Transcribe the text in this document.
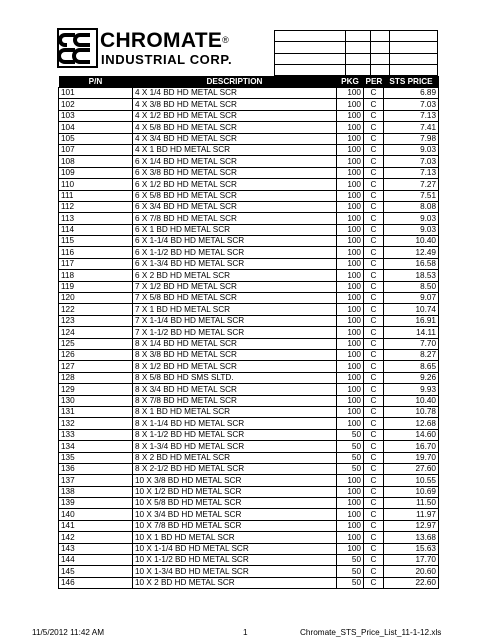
CHROMATE®
INDUSTRIAL CORP.
P/N	DESCRIPTION	PKG	PER	STS PRICE
101	4 X 1/4 BD HD METAL SCR	100	C	6.89
102	4 X 3/8 BD HD METAL SCR	100	C	7.03
103	4 X 1/2 BD HD METAL SCR	100	C	7.13
104	4 X 5/8 BD HD METAL SCR	100	C	7.41
105	4 X 3/4 BD HD METAL SCR	100	C	7.98
107	4 X 1 BD HD METAL SCR	100	C	9.03
108	6 X 1/4 BD HD METAL SCR	100	C	7.03
109	6 X 3/8 BD HD METAL SCR	100	C	7.13
110	6 X 1/2 BD HD METAL SCR	100	C	7.27
111	6 X 5/8 BD HD METAL SCR	100	C	7.51
112	6 X 3/4 BD HD METAL SCR	100	C	8.08
113	6 X 7/8 BD HD METAL SCR	100	C	9.03
114	6 X 1 BD HD METAL SCR	100	C	9.03
115	6 X 1-1/4 BD HD METAL SCR	100	C	10.40
116	6 X 1-1/2 BD HD METAL SCR	100	C	12.49
117	6 X 1-3/4 BD HD METAL SCR	100	C	16.58
118	6 X 2 BD HD METAL SCR	100	C	18.53
119	7 X 1/2 BD HD METAL SCR	100	C	8.50
120	7 X 5/8 BD HD METAL SCR	100	C	9.07
122	7 X 1 BD HD METAL SCR	100	C	10.74
123	7 X 1-1/4 BD HD METAL SCR	100	C	16.91
124	7 X 1-1/2 BD HD METAL SCR	100	C	14.11
125	8 X 1/4 BD HD METAL SCR	100	C	7.70
126	8 X 3/8 BD HD METAL SCR	100	C	8.27
127	8 X 1/2 BD HD METAL SCR	100	C	8.65
128	8 X 5/8 BD HD SMS SLTD.	100	C	9.26
129	8 X 3/4 BD HD METAL SCR	100	C	9.93
130	8 X 7/8 BD HD METAL SCR	100	C	10.40
131	8 X 1 BD HD METAL SCR	100	C	10.78
132	8 X 1-1/4 BD HD METAL SCR	100	C	12.68
133	8 X 1-1/2 BD HD METAL SCR	50	C	14.60
134	8 X 1-3/4 BD HD METAL SCR	50	C	16.70
135	8 X 2 BD HD METAL SCR	50	C	19.70
136	8 X 2-1/2 BD HD METAL SCR	50	C	27.60
137	10 X 3/8 BD HD METAL SCR	100	C	10.55
138	10 X 1/2 BD HD METAL SCR	100	C	10.69
139	10 X 5/8 BD HD METAL SCR	100	C	11.50
140	10 X 3/4 BD HD METAL SCR	100	C	11.97
141	10 X 7/8 BD HD METAL SCR	100	C	12.97
142	10 X 1 BD HD METAL SCR	100	C	13.68
143	10 X 1-1/4 BD HD METAL SCR	100	C	15.63
144	10 X 1-1/2 BD HD METAL SCR	50	C	17.70
145	10 X 1-3/4 BD HD METAL SCR	50	C	20.60
146	10 X 2 BD HD METAL SCR	50	C	22.60
11/5/2012 11:42 AM	1	Chromate_STS_Price_List_11-1-12.xls
